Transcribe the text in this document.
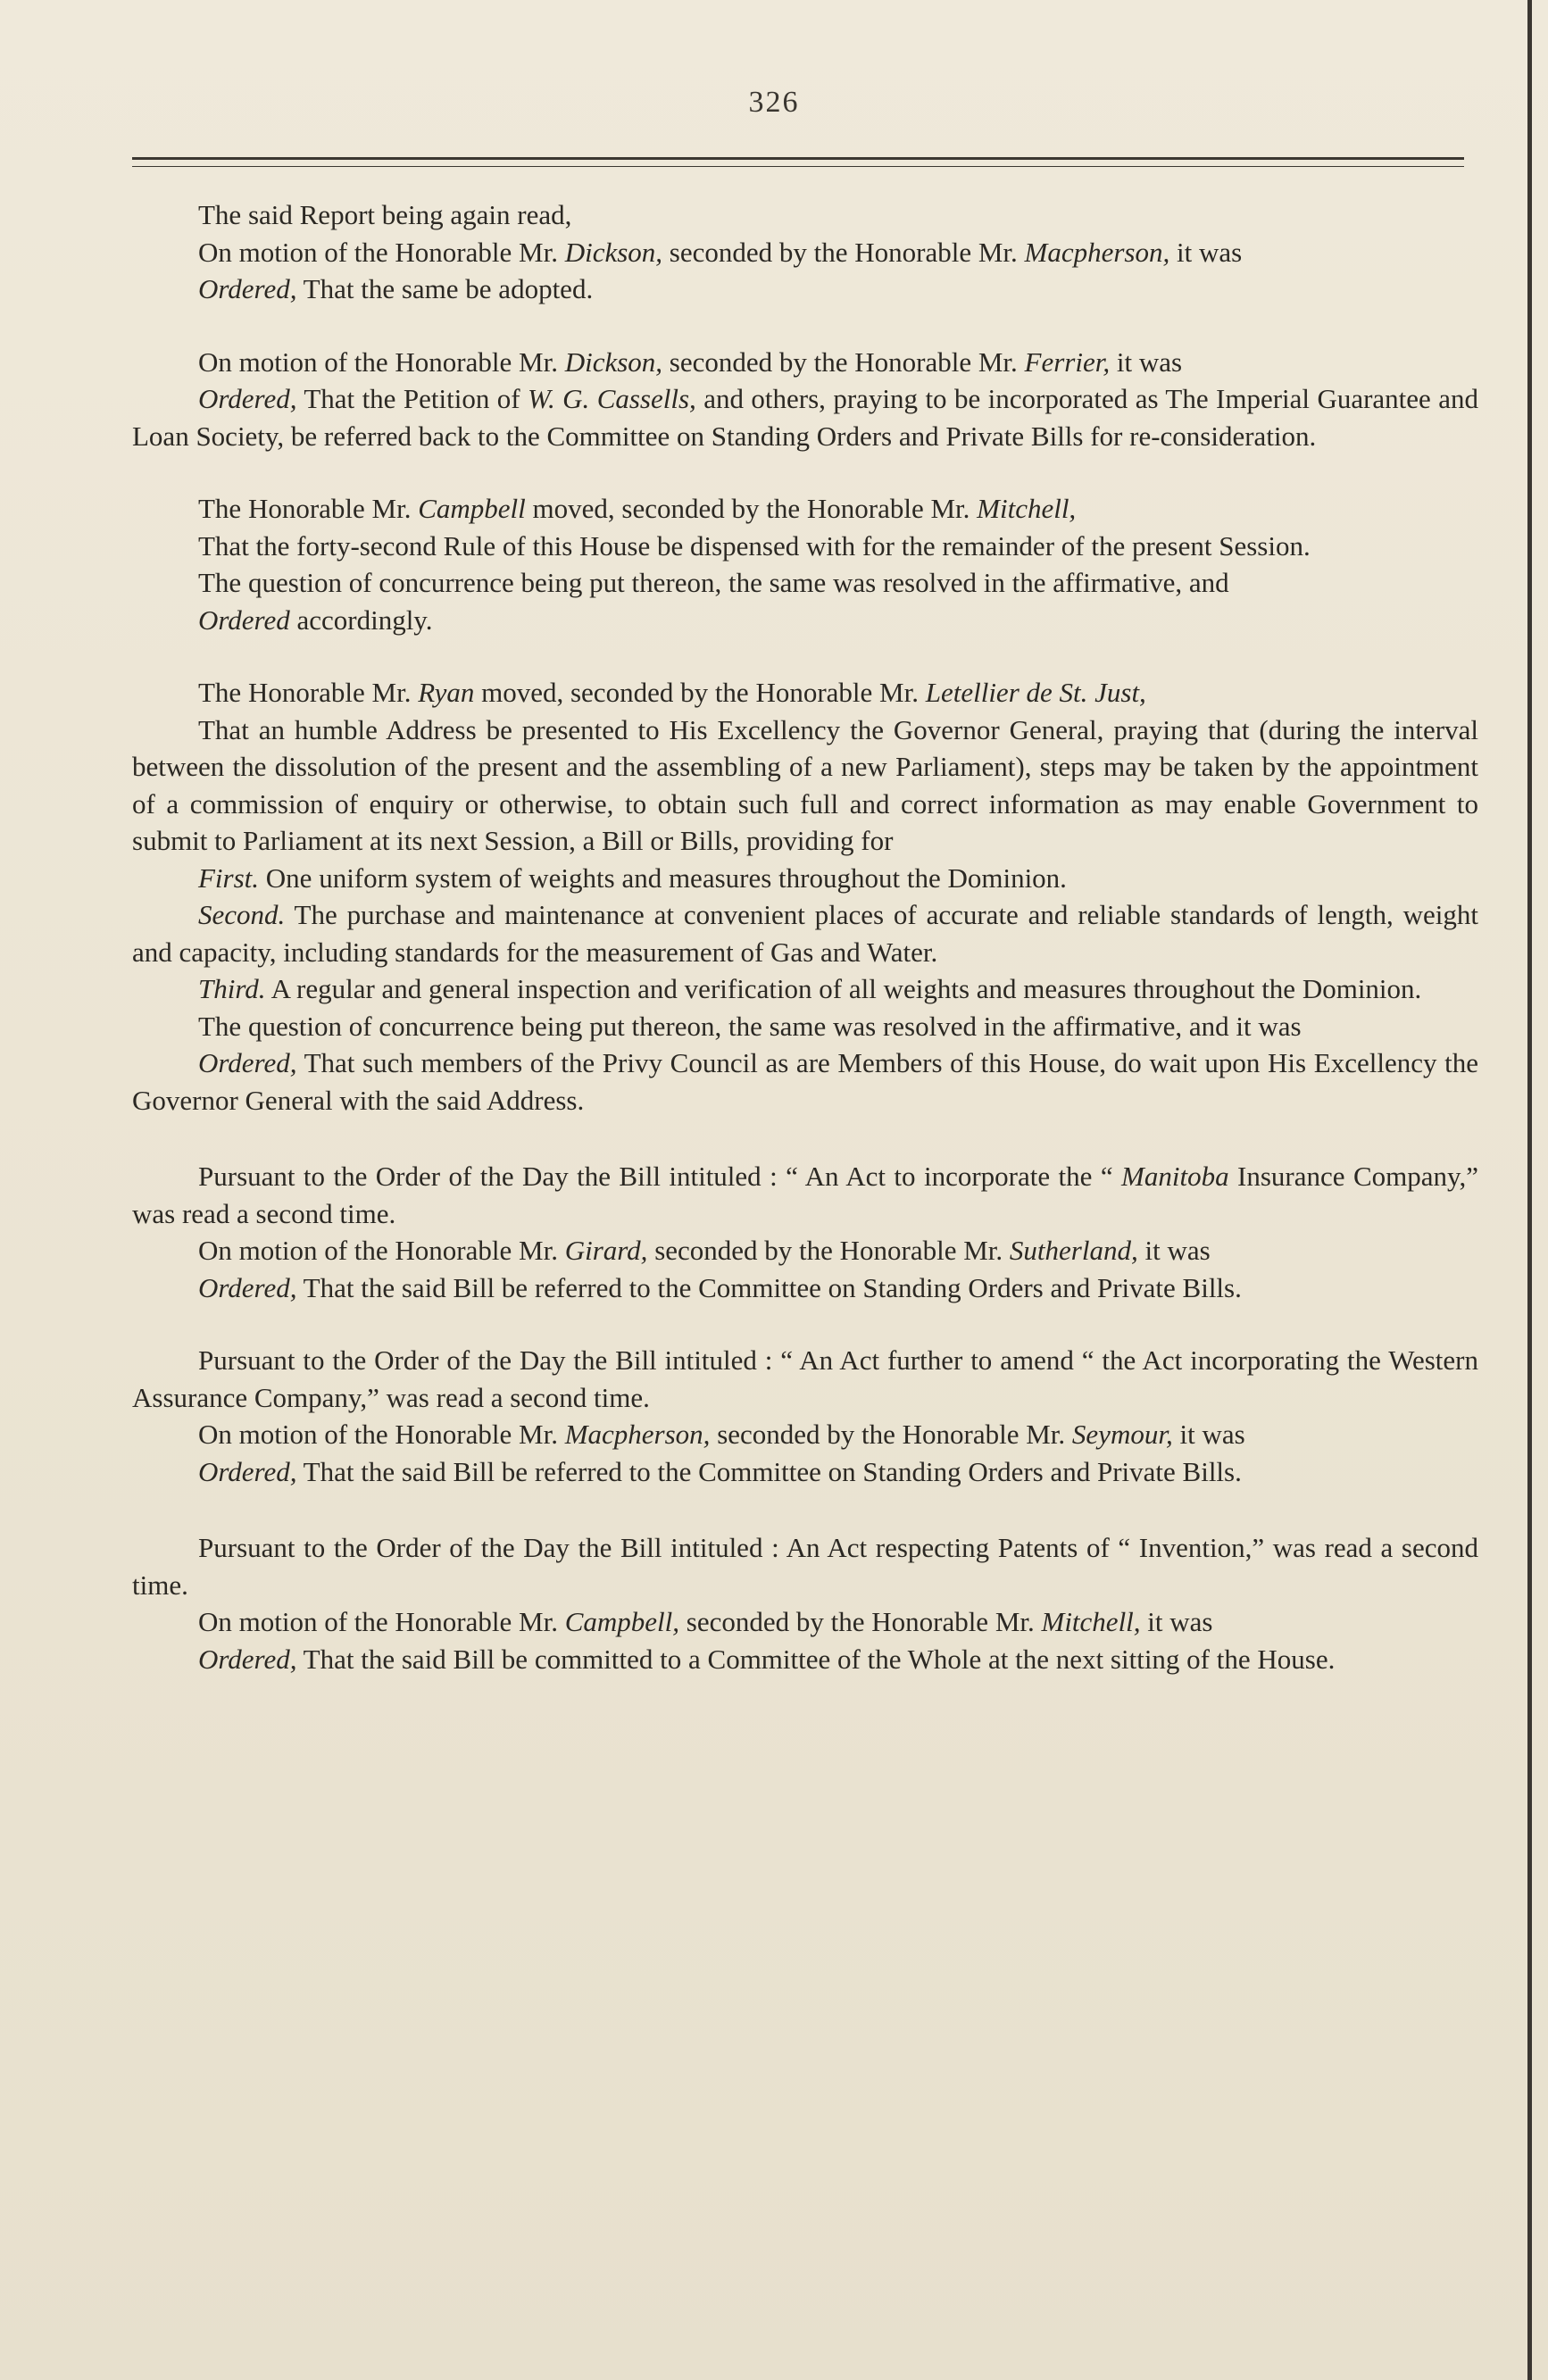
326

The said Report being again read,

On motion of the Honorable Mr. Dickson, seconded by the Honorable Mr. Macpherson, it was

Ordered, That the same be adopted.

On motion of the Honorable Mr. Dickson, seconded by the Honorable Mr. Ferrier, it was

Ordered, That the Petition of W. G. Cassells, and others, praying to be incorporated as The Imperial Guarantee and Loan Society, be referred back to the Committee on Standing Orders and Private Bills for re-consideration.

The Honorable Mr. Campbell moved, seconded by the Honorable Mr. Mitchell,

That the forty-second Rule of this House be dispensed with for the remainder of the present Session.

The question of concurrence being put thereon, the same was resolved in the affirmative, and

Ordered accordingly.

The Honorable Mr. Ryan moved, seconded by the Honorable Mr. Letellier de St. Just,

That an humble Address be presented to His Excellency the Governor General, praying that (during the interval between the dissolution of the present and the assembling of a new Parliament), steps may be taken by the appointment of a commission of enquiry or otherwise, to obtain such full and correct information as may enable Government to submit to Parliament at its next Session, a Bill or Bills, providing for

First. One uniform system of weights and measures throughout the Dominion.

Second. The purchase and maintenance at convenient places of accurate and reliable standards of length, weight and capacity, including standards for the measurement of Gas and Water.

Third. A regular and general inspection and verification of all weights and measures throughout the Dominion.

The question of concurrence being put thereon, the same was resolved in the affirmative, and it was

Ordered, That such members of the Privy Council as are Members of this House, do wait upon His Excellency the Governor General with the said Address.

Pursuant to the Order of the Day the Bill intituled : “ An Act to incorporate the “ Manitoba Insurance Company,” was read a second time.

On motion of the Honorable Mr. Girard, seconded by the Honorable Mr. Sutherland, it was

Ordered, That the said Bill be referred to the Committee on Standing Orders and Private Bills.

Pursuant to the Order of the Day the Bill intituled : “ An Act further to amend “ the Act incorporating the Western Assurance Company,” was read a second time.

On motion of the Honorable Mr. Macpherson, seconded by the Honorable Mr. Seymour, it was

Ordered, That the said Bill be referred to the Committee on Standing Orders and Private Bills.

Pursuant to the Order of the Day the Bill intituled : An Act respecting Patents of “ Invention,” was read a second time.

On motion of the Honorable Mr. Campbell, seconded by the Honorable Mr. Mitchell, it was

Ordered, That the said Bill be committed to a Committee of the Whole at the next sitting of the House.
